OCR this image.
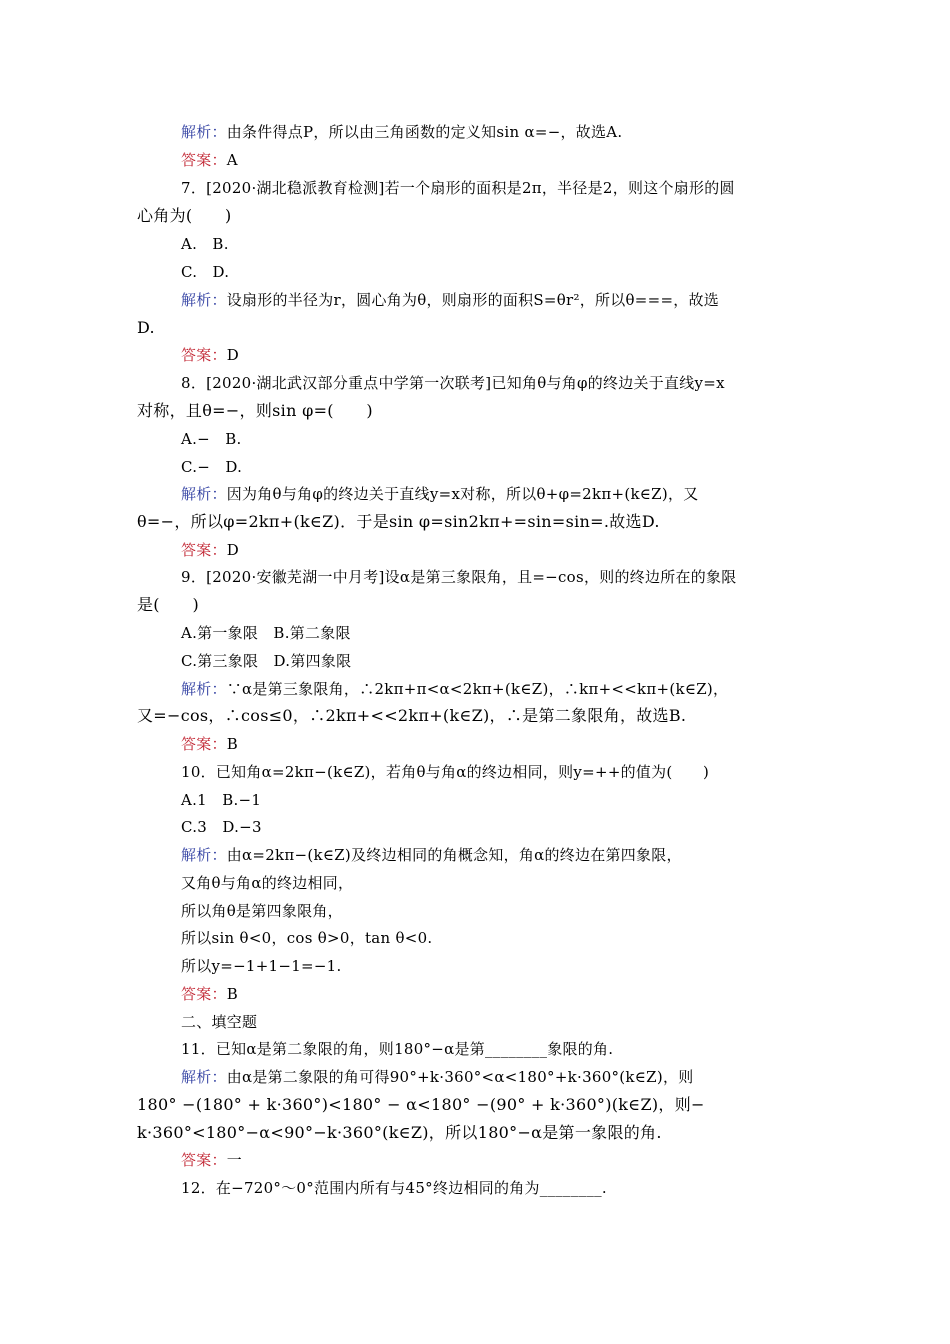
解析：由条件得点P，所以由三角函数的定义知sin α=−，故选A.
答案：A
7．[2020·湖北稳派教育检测]若一个扇形的面积是2π，半径是2，则这个扇形的圆
心角为(　　)
A.　B.
C.　D.
解析：设扇形的半径为r，圆心角为θ，则扇形的面积S=θr²，所以θ===，故选
D.
答案：D
8．[2020·湖北武汉部分重点中学第一次联考]已知角θ与角φ的终边关于直线y=x
对称，且θ=−，则sin φ=(　　)
A.−　B.
C.−　D.
解析：因为角θ与角φ的终边关于直线y=x对称，所以θ+φ=2kπ+(k∈Z)，又
θ=−，所以φ=2kπ+(k∈Z)．于是sin φ=sin2kπ+=sin=sin=.故选D.
答案：D
9．[2020·安徽芜湖一中月考]设α是第三象限角，且=−cos，则的终边所在的象限
是(　　)
A.第一象限　B.第二象限
C.第三象限　D.第四象限
解析：∵α是第三象限角，∴2kπ+π<α<2kπ+(k∈Z)，∴kπ+<<kπ+(k∈Z)，
又=−cos，∴cos≤0，∴2kπ+<<2kπ+(k∈Z)，∴是第二象限角，故选B.
答案：B
10．已知角α=2kπ−(k∈Z)，若角θ与角α的终边相同，则y=++的值为(　　)
A.1　B.−1
C.3　D.−3
解析：由α=2kπ−(k∈Z)及终边相同的角概念知，角α的终边在第四象限，
又角θ与角α的终边相同，
所以角θ是第四象限角，
所以sin θ<0，cos θ>0，tan θ<0.
所以y=−1+1−1=−1.
答案：B
二、填空题
11．已知α是第二象限的角，则180°−α是第________象限的角.
解析：由α是第二象限的角可得90°+k·360°<α<180°+k·360°(k∈Z)，则
180° −(180° + k·360°)<180° − α<180° −(90° + k·360°)(k∈Z)，则−
k·360°<180°−α<90°−k·360°(k∈Z)，所以180°−α是第一象限的角.
答案：一
12．在−720°～0°范围内所有与45°终边相同的角为________.
